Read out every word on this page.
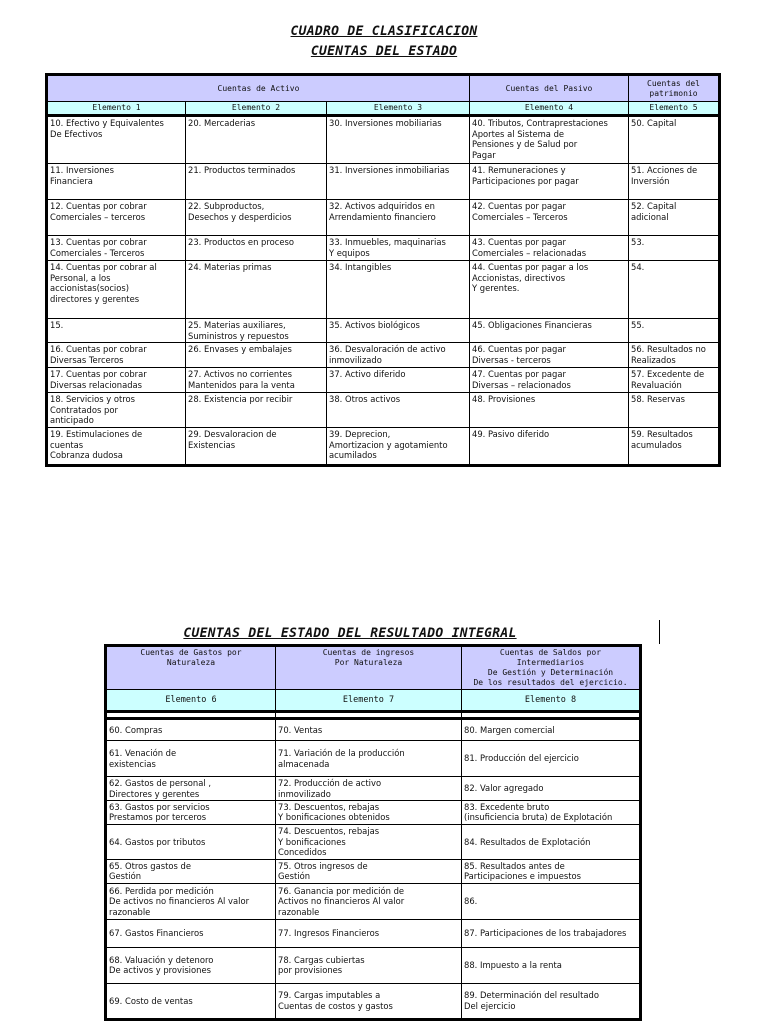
CUADRO DE CLASIFICACION
CUENTAS DEL ESTADO
Cuentas de Activo			Cuentas del Pasivo	Cuentas del
patrimonio
Elemento 1	Elemento 2	Elemento 3	Elemento 4	Elemento 5
10. Efectivo y Equivalentes
De Efectivos	20. Mercaderias	30. Inversiones mobiliarias	40. Tributos, Contraprestaciones
Aportes al Sistema de
Pensiones y de Salud por
Pagar	50. Capital
11. Inversiones
Financiera	21. Productos terminados	31. Inversiones inmobiliarias	41. Remuneraciones y
Participaciones por pagar	51. Acciones de
Inversión
12. Cuentas por cobrar
Comerciales – terceros	22. Subproductos,
Desechos y desperdicios	32. Activos adquiridos en
Arrendamiento financiero	42. Cuentas por pagar
Comerciales – Terceros	52. Capital
adicional
13. Cuentas por cobrar
Comerciales - Terceros	23. Productos en proceso	33. Inmuebles, maquinarias
Y equipos	43. Cuentas por pagar
Comerciales – relacionadas	53.
14. Cuentas por cobrar al
Personal, a los
accionistas(socios)
directores y gerentes	24. Materias primas	34. Intangibles	44. Cuentas por pagar a los
Accionistas, directivos
Y gerentes.	54.
15.	25. Materias auxiliares,
Suministros y repuestos	35. Activos biológicos	45. Obligaciones Financieras	55.
16. Cuentas por cobrar
Diversas Terceros	26. Envases y embalajes	36. Desvaloración de activo
inmovilizado	46. Cuentas por pagar
Diversas - terceros	56. Resultados no
Realizados
17. Cuentas por cobrar
Diversas relacionadas	27. Activos no corrientes
Mantenidos para la venta	37. Activo diferido	47. Cuentas por pagar
Diversas – relacionados	57. Excedente de
Revaluación
18. Servicios y otros
Contratados por
anticipado	28. Existencia por recibir	38. Otros activos	48. Provisiones	58. Reservas
19. Estimulaciones de
cuentas
Cobranza dudosa	29. Desvaloracion de
Existencias	39. Deprecion,
Amortizacion y agotamiento
acumilados	49. Pasivo diferido	59. Resultados
acumulados
CUENTAS DEL ESTADO DEL RESULTADO INTEGRAL
Cuentas de Gastos por
Naturaleza	Cuentas de ingresos
Por Naturaleza	Cuentas de Saldos por Intermediarios
De Gestión y Determinación
De los resultados del ejercicio.
Elemento 6	Elemento 7	Elemento 8

60. Compras	70. Ventas	80. Margen comercial
61. Venación de
existencias	71. Variación de la producción
almacenada	81. Producción del ejercicio
62. Gastos de personal ,
Directores y gerentes	72. Producción de activo
inmovilizado	82. Valor agregado
63. Gastos por servicios
Prestamos por terceros	73. Descuentos, rebajas
Y bonificaciones obtenidos	83. Excedente bruto
(insuficiencia bruta) de Explotación
64. Gastos por tributos	74. Descuentos, rebajas
Y bonificaciones
Concedidos	84. Resultados de Explotación
65. Otros gastos de
Gestión	75. Otros ingresos de
Gestión	85. Resultados antes de
Participaciones e impuestos
66. Perdida por medición
De activos no financieros Al valor
razonable	76. Ganancia por medición de
Activos no financieros Al valor
razonable	86.
67. Gastos Financieros	77. Ingresos Financieros	87. Participaciones de los trabajadores
68. Valuación y detenoro
De activos y provisiones	78. Cargas cubiertas
por provisiones	88. Impuesto a la renta
69. Costo de ventas	79. Cargas imputables a
Cuentas de costos y gastos	89. Determinación del resultado
Del ejercicio
